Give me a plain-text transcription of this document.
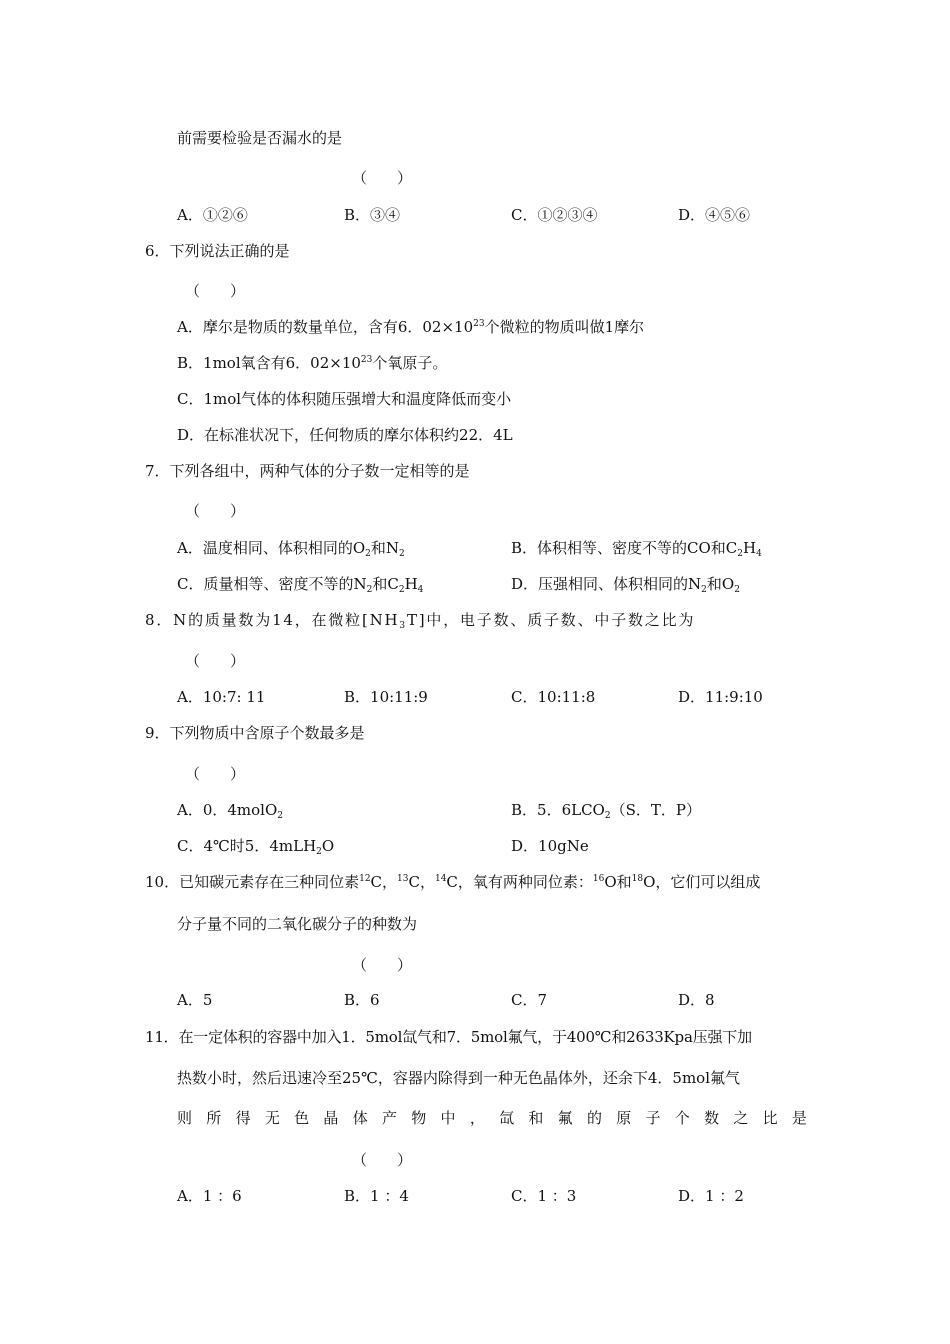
前需要检验是否漏水的是
（　　）
A．①②⑥	B．③④	C．①②③④	D．④⑤⑥
6．下列说法正确的是
（　　）
A．摩尔是物质的数量单位，含有6．$02\times 10^{23}$个微粒的物质叫做1摩尔
B．1mol氧含有6．$02\times 10^{23}$个氧原子。
C．1mol气体的体积随压强增大和温度降低而变小
D．在标准状况下，任何物质的摩尔体积约22．4L
7．下列各组中，两种气体的分子数一定相等的是
（　　）
A．温度相同、体积相同的$O_2$和$N_2$	B．体积相等、密度不等的CO和$C_2H_4$
C．质量相等、密度不等的$N_2$和$C_2H_4$	D．压强相同、体积相同的$N_2$和$O_2$
8．N的质量数为14，在微粒$[NH_3T]$中，电子数、质子数、中子数之比为
（　　）
A．10:7: 11	B．10:11:9	C．10:11:8	D．11:9:10
9．下列物质中含原子个数最多是
（　　）
A．0．4molO$_2$	B．5．$6LCO_2(S$．T．P）
C．4℃时5．4mLH$_2$O	D．10gNe
10．已知碳元素存在三种同位素$^{12}$C，$^{13}$C，$^{14}$C，氧有两种同位素：$^{16}$O和$^{18}$O，它们可以组成
分子量不同的二氧化碳分子的种数为
（　　）
A．5	B．6	C．7	D．8
11．在一定体积的容器中加入1．5mol氙气和7．5mol氟气，于400℃和2633Kpa压强下加
热数小时，然后迅速冷至25℃，容器内除得到一种无色晶体外，还余下4．5mol氟气
则 所 得 无 色 晶 体 产 物 中 ， 氙 和 氟 的 原 子 个 数 之 比 是
（　　）
A．1 ：6	B．1 ：4	C．1 ：3	D．1 ：2
